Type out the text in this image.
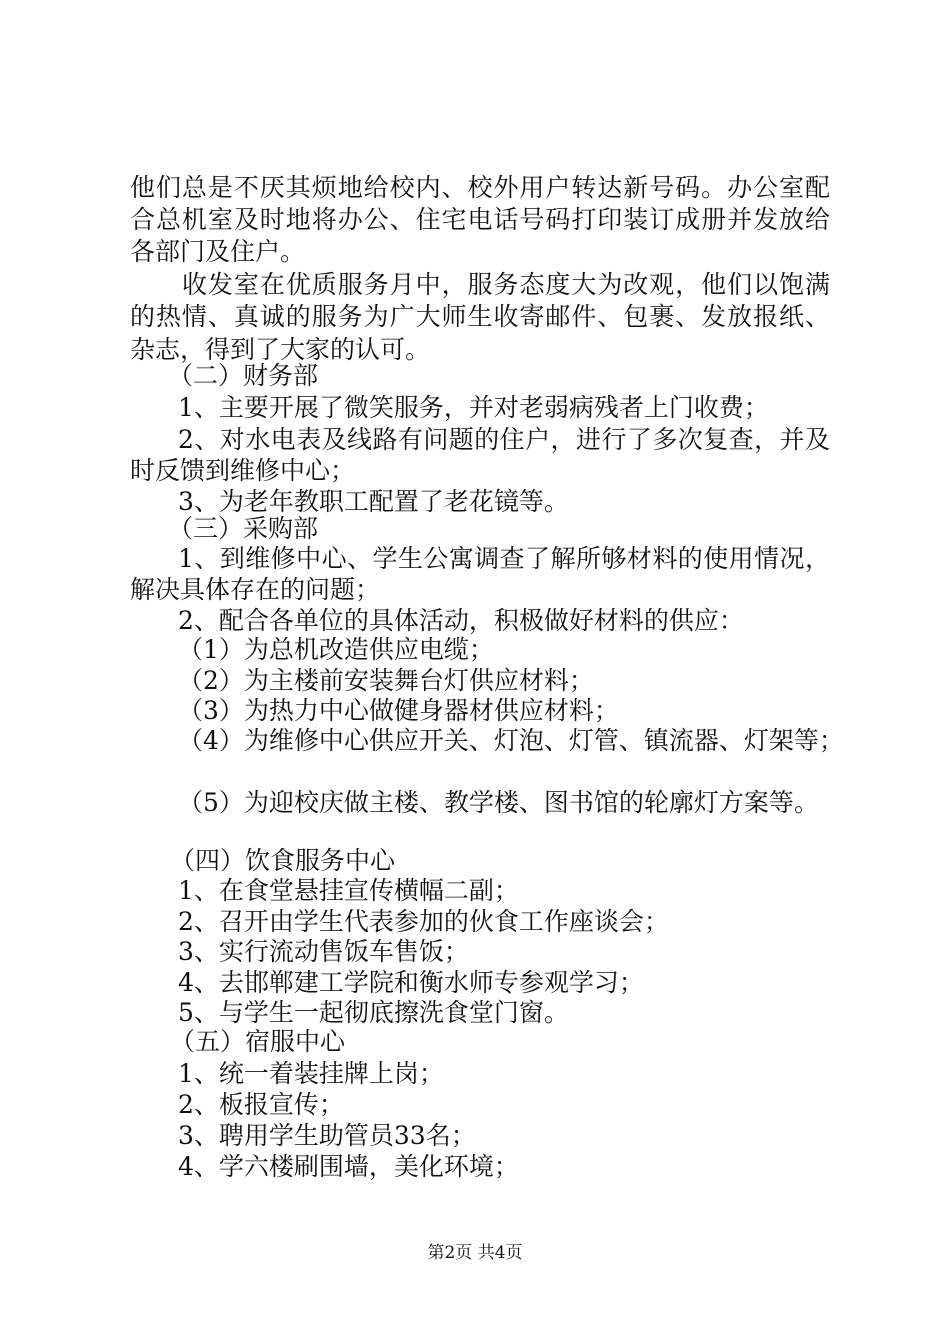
他们总是不厌其烦地给校内、校外用户转达新号码。办公室配
合总机室及时地将办公、住宅电话号码打印装订成册并发放给
各部门及住户。
收发室在优质服务月中，服务态度大为改观，他们以饱满
的热情、真诚的服务为广大师生收寄邮件、包裹、发放报纸、
杂志，得到了大家的认可。
（二）财务部
1、主要开展了微笑服务，并对老弱病残者上门收费；
2、对水电表及线路有问题的住户，进行了多次复查，并及
时反馈到维修中心；
3、为老年教职工配置了老花镜等。
（三）采购部
1、到维修中心、学生公寓调查了解所够材料的使用情况，
解决具体存在的问题；
2、配合各单位的具体活动，积极做好材料的供应：
（1）为总机改造供应电缆；
（2）为主楼前安装舞台灯供应材料；
（3）为热力中心做健身器材供应材料；
（4）为维修中心供应开关、灯泡、灯管、镇流器、灯架等；
（5）为迎校庆做主楼、教学楼、图书馆的轮廓灯方案等。
（四）饮食服务中心
1、在食堂悬挂宣传横幅二副；
2、召开由学生代表参加的伙食工作座谈会；
3、实行流动售饭车售饭；
4、去邯郸建工学院和衡水师专参观学习；
5、与学生一起彻底擦洗食堂门窗。
（五）宿服中心
1、统一着装挂牌上岗；
2、板报宣传；
3、聘用学生助管员33名；
4、学六楼刷围墙，美化环境；
第2页 共4页
